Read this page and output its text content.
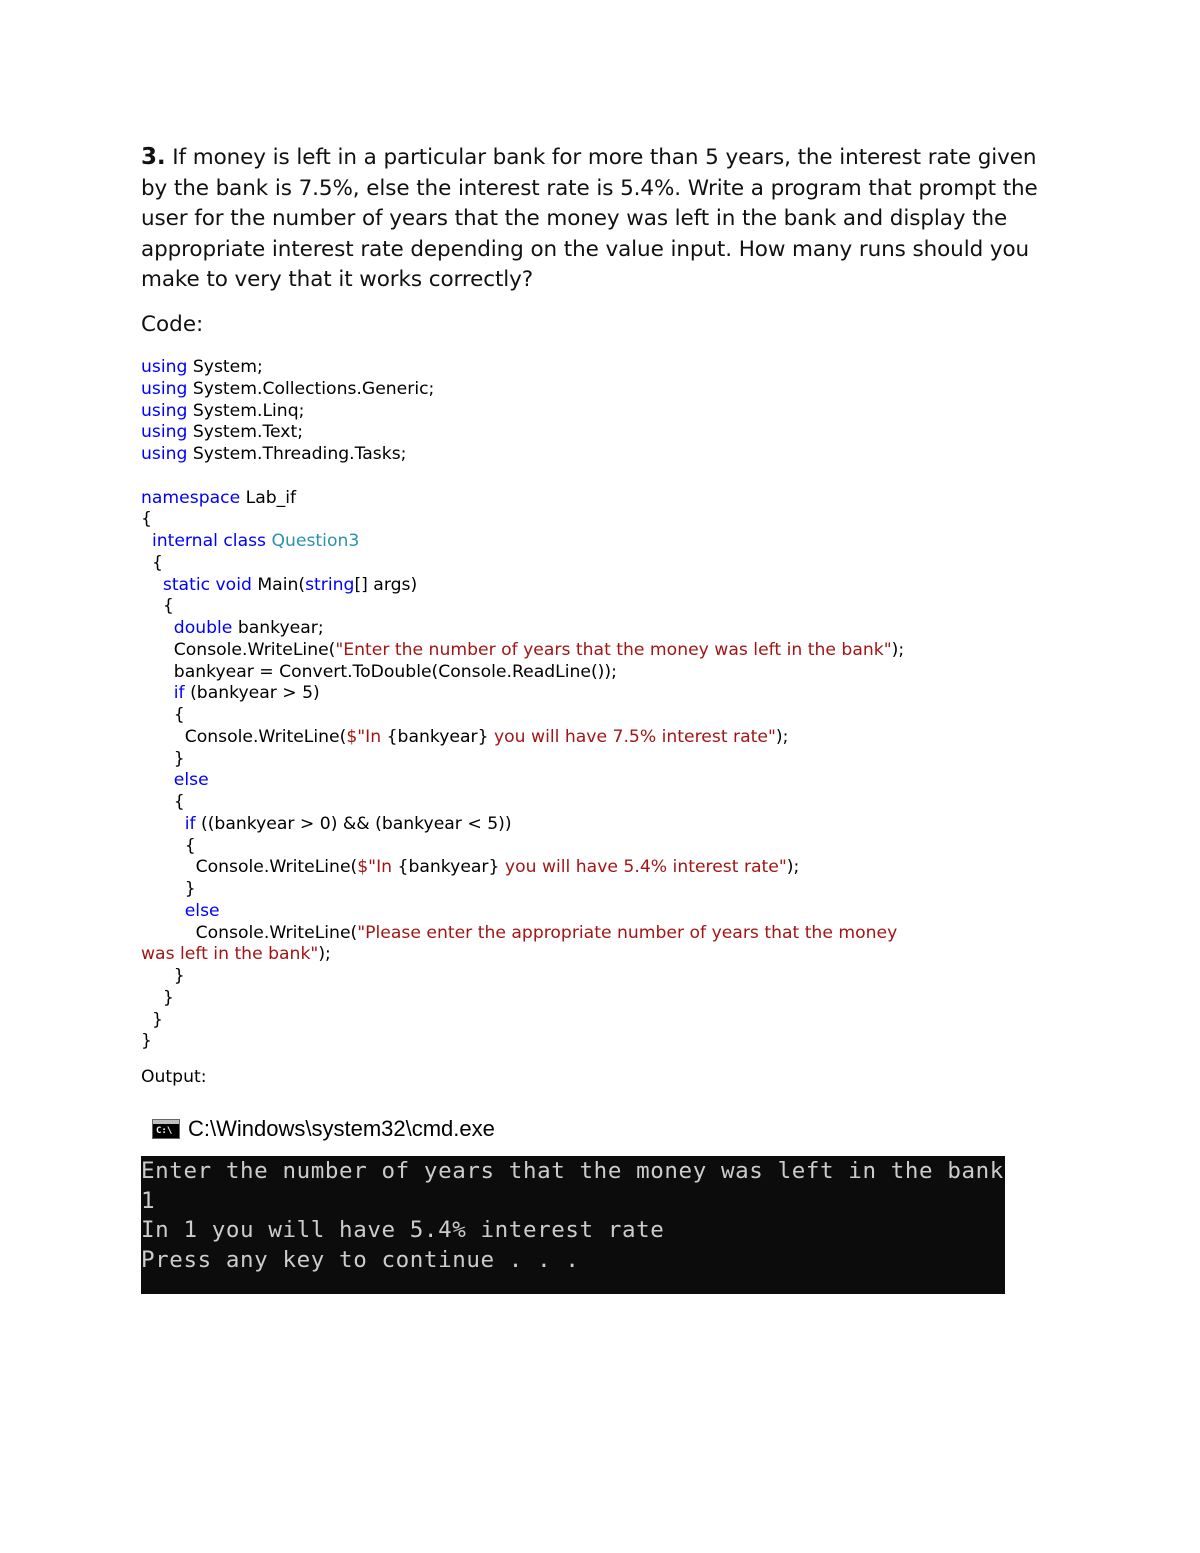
3. If money is left in a particular bank for more than 5 years, the interest rate given by the bank is 7.5%, else the interest rate is 5.4%. Write a program that prompt the user for the number of years that the money was left in the bank and display the appropriate interest rate depending on the value input. How many runs should you make to very that it works correctly?
Code:
using System;
using System.Collections.Generic;
using System.Linq;
using System.Text;
using System.Threading.Tasks;
namespace Lab_if
{
internal class Question3
{
static void Main(string[] args)
{
double bankyear;
Console.WriteLine("Enter the number of years that the money was left in the bank");
bankyear = Convert.ToDouble(Console.ReadLine());
if (bankyear > 5)
{
Console.WriteLine($"In {bankyear} you will have 7.5% interest rate");
}
else
{
if ((bankyear > 0) && (bankyear < 5))
{
Console.WriteLine($"In {bankyear} you will have 5.4% interest rate");
}
else
Console.WriteLine("Please enter the appropriate number of years that the money
was left in the bank");
}
}
}
}
Output:
C:\ C:\Windows\system32\cmd.exe
Enter the number of years that the money was left in the bank
1
In 1 you will have 5.4% interest rate
Press any key to continue . . .
